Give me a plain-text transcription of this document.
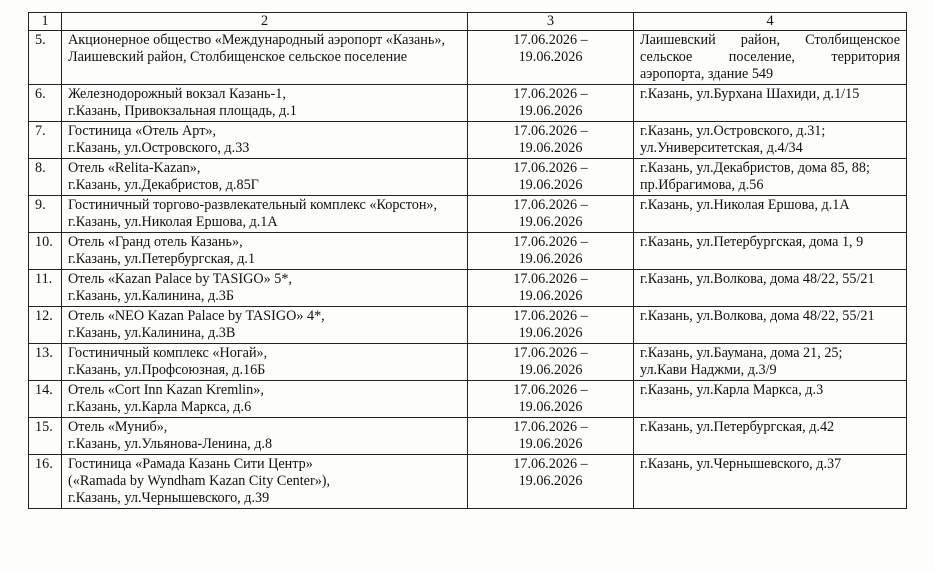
1	2	3	4
5.	Акционерное общество «Международный аэропорт «Казань»,
Лаишевский район, Столбищенское сельское поселение	17.06.2026 –
19.06.2026	Лаишевский район, Столбищенское сельское поселение, территория аэропорта, здание 549

6.	Железнодорожный вокзал Казань-1,
г.Казань, Привокзальная площадь, д.1	17.06.2026 –
19.06.2026	г.Казань, ул.Бурхана Шахиди, д.1/15

7.	Гостиница «Отель Арт»,
г.Казань, ул.Островского, д.33	17.06.2026 –
19.06.2026	г.Казань, ул.Островского, д.31;
ул.Университетская, д.4/34

8.	Отель «Relita-Kazan»,
г.Казань, ул.Декабристов, д.85Г	17.06.2026 –
19.06.2026	г.Казань, ул.Декабристов, дома 85, 88;
пр.Ибрагимова, д.56

9.	Гостиничный торгово-развлекательный комплекс «Корстон»,
г.Казань, ул.Николая Ершова, д.1А	17.06.2026 –
19.06.2026	г.Казань, ул.Николая Ершова, д.1А

10.	Отель «Гранд отель Казань»,
г.Казань, ул.Петербургская, д.1	17.06.2026 –
19.06.2026	г.Казань, ул.Петербургская, дома 1, 9

11.	Отель «Kazan Palace by TASIGO» 5*,
г.Казань, ул.Калинина, д.3Б	17.06.2026 –
19.06.2026	г.Казань, ул.Волкова, дома 48/22, 55/21

12.	Отель «NEO Kazan Palace by TASIGO» 4*,
г.Казань, ул.Калинина, д.3В	17.06.2026 –
19.06.2026	г.Казань, ул.Волкова, дома 48/22, 55/21

13.	Гостиничный комплекс «Ногай»,
г.Казань, ул.Профсоюзная, д.16Б	17.06.2026 –
19.06.2026	г.Казань, ул.Баумана, дома 21, 25;
ул.Кави Наджми, д.3/9

14.	Отель «Cort Inn Kazan Kremlin»,
г.Казань, ул.Карла Маркса, д.6	17.06.2026 –
19.06.2026	г.Казань, ул.Карла Маркса, д.3

15.	Отель «Муниб»,
г.Казань, ул.Ульянова-Ленина, д.8	17.06.2026 –
19.06.2026	г.Казань, ул.Петербургская, д.42

16.	Гостиница «Рамада Казань Сити Центр»
(«Ramada by Wyndham Kazan City Center»),
г.Казань, ул.Чернышевского, д.39	17.06.2026 –
19.06.2026	г.Казань, ул.Чернышевского, д.37
